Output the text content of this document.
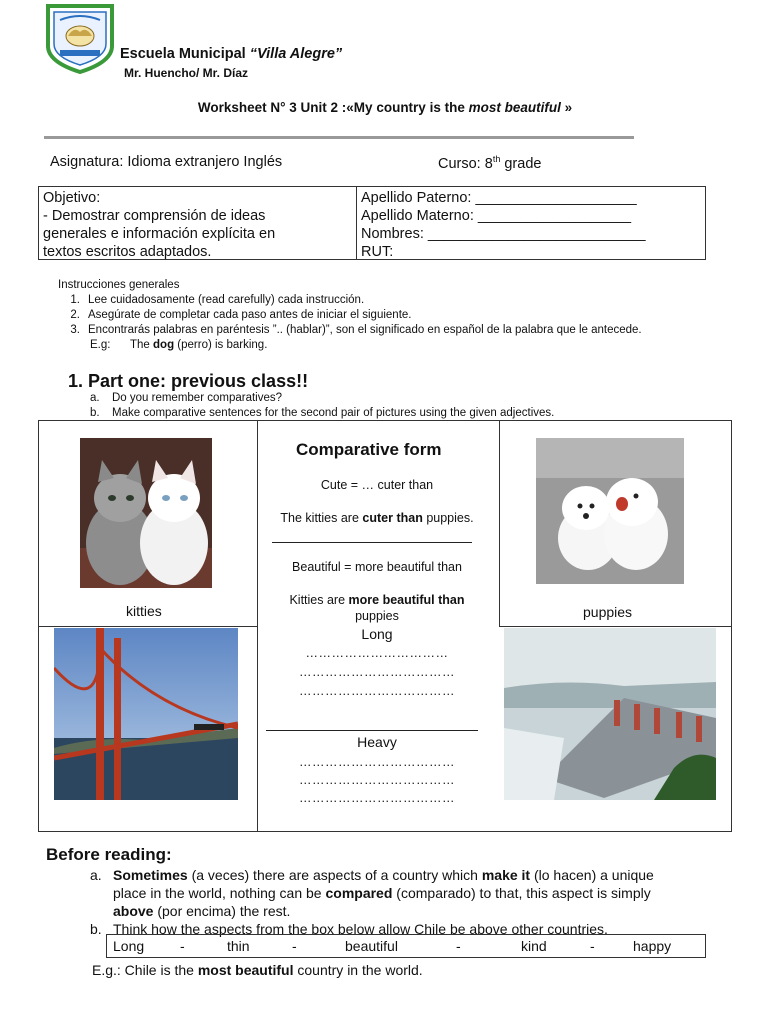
Escuela Municipal “Villa Alegre”
Mr. Huencho/ Mr. Díaz
Worksheet N° 3 Unit 2 :«My country is the most beautiful »
Asignatura: Idioma extranjero Inglés	Curso: 8th grade
Objetivo:
- Demostrar comprensión de ideas
generales e información explícita en
textos escritos adaptados.
Apellido Paterno: ____________________
Apellido Materno: ___________________
Nombres: ___________________________
RUT:
Instrucciones generales
1. Lee cuidadosamente (read carefully) cada instrucción.
2. Asegúrate de completar cada paso antes de iniciar el siguiente.
3. Encontrarás palabras en paréntesis ”.. (hablar)”, son el significado en español de la palabra que le antecede.
E.g: The dog (perro) is barking.
1. Part one: previous class!!
a. Do you remember comparatives?
b. Make comparative sentences for the second pair of pictures using the given adjectives.
kitties	puppies
Comparative form
Cute = … cuter than
The kitties are cuter than puppies.
Beautiful = more beautiful than
Kitties are more beautiful than
puppies
Long
……………………………
………………………………
………………………………
Heavy
………………………………
………………………………
………………………………
Before reading:
a. Sometimes (a veces) there are aspects of a country which make it (lo hacen) a unique
place in the world, nothing can be compared (comparado) to that, this aspect is simply
above (por encima) the rest.
b. Think how the aspects from the box below allow Chile be above other countries.
Long	-	thin	-	beautiful	-	kind	-	happy
E.g.: Chile is the most beautiful country in the world.
